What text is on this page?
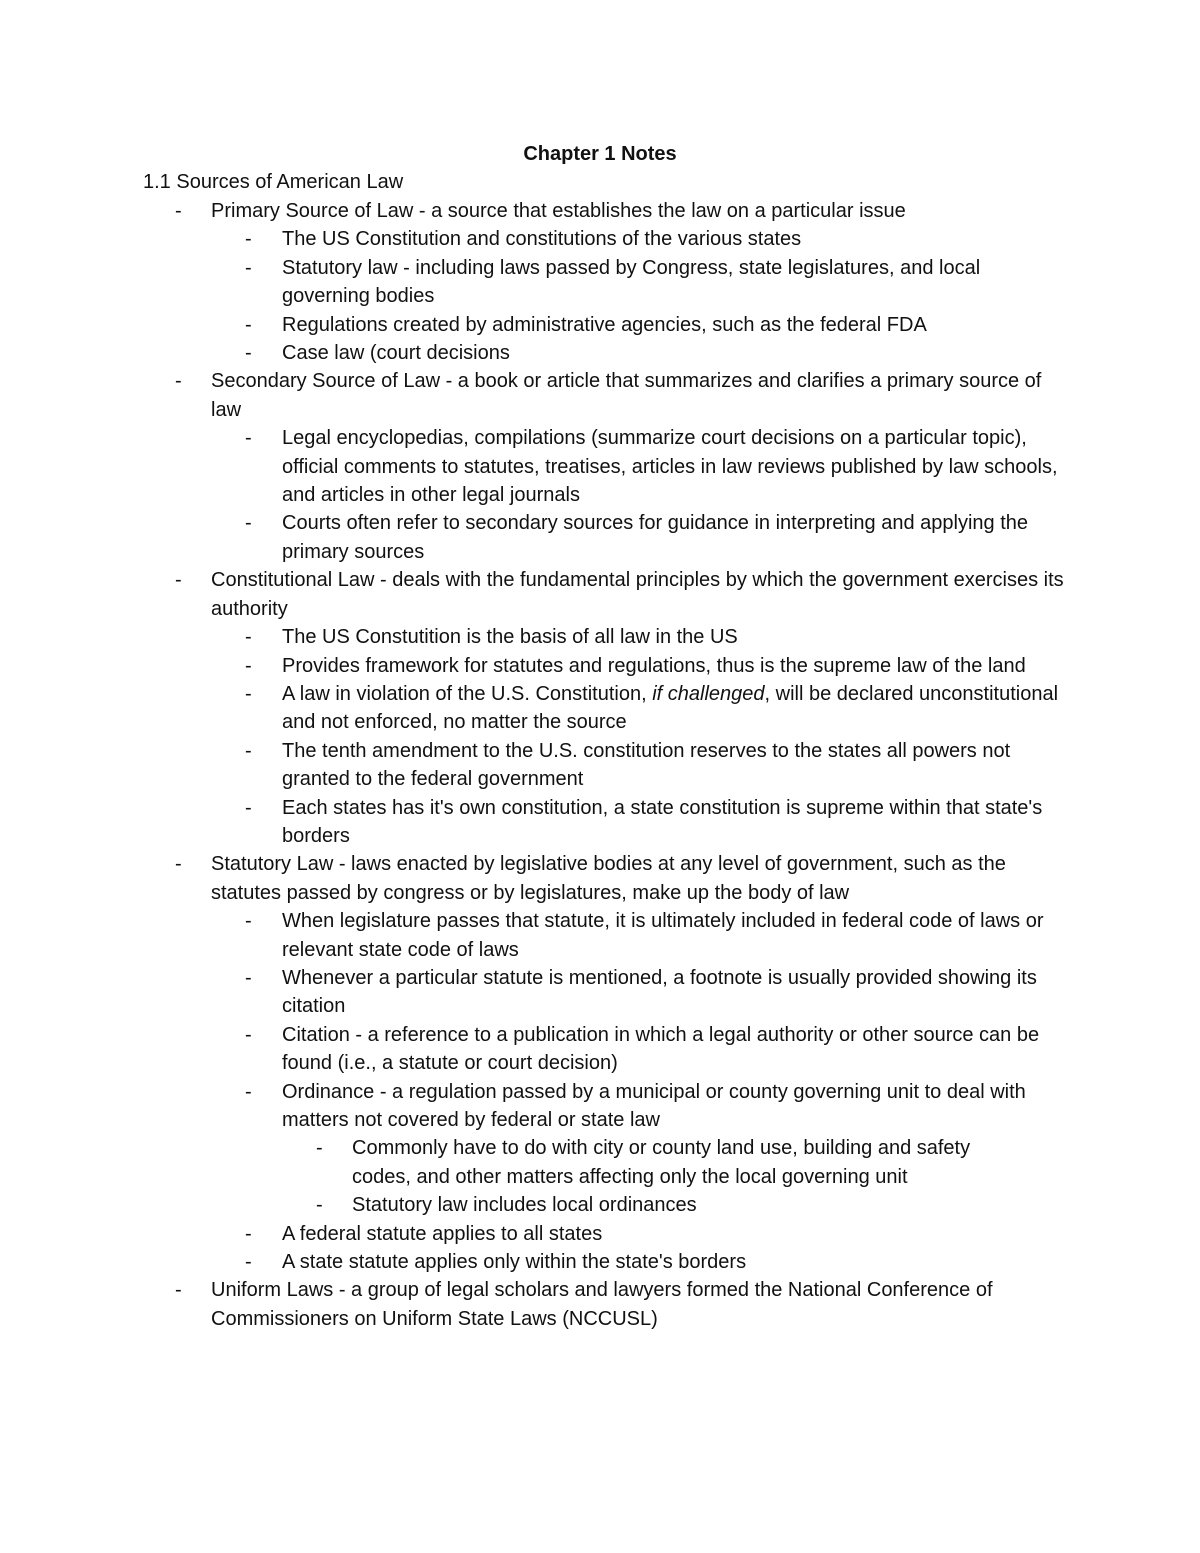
Chapter 1 Notes
1.1 Sources of American Law
- Primary Source of Law - a source that establishes the law on a particular issue
- The US Constitution and constitutions of the various states
- Statutory law - including laws passed by Congress, state legislatures, and local governing bodies
- Regulations created by administrative agencies, such as the federal FDA
- Case law (court decisions
- Secondary Source of Law - a book or article that summarizes and clarifies a primary source of law
- Legal encyclopedias, compilations (summarize court decisions on a particular topic), official comments to statutes, treatises, articles in law reviews published by law schools, and articles in other legal journals
- Courts often refer to secondary sources for guidance in interpreting and applying the primary sources
- Constitutional Law - deals with the fundamental principles by which the government exercises its authority
- The US Constutition is the basis of all law in the US
- Provides framework for statutes and regulations, thus is the supreme law of the land
- A law in violation of the U.S. Constitution, if challenged, will be declared unconstitutional and not enforced, no matter the source
- The tenth amendment to the U.S. constitution reserves to the states all powers not granted to the federal government
- Each states has it's own constitution, a state constitution is supreme within that state's borders
- Statutory Law - laws enacted by legislative bodies at any level of government, such as the statutes passed by congress or by legislatures, make up the body of law
- When legislature passes that statute, it is ultimately included in federal code of laws or relevant state code of laws
- Whenever a particular statute is mentioned, a footnote is usually provided showing its citation
- Citation - a reference to a publication in which a legal authority or other source can be found (i.e., a statute or court decision)
- Ordinance - a regulation passed by a municipal or county governing unit to deal with matters not covered by federal or state law
- Commonly have to do with city or county land use, building and safety codes, and other matters affecting only the local governing unit
- Statutory law includes local ordinances
- A federal statute applies to all states
- A state statute applies only within the state's borders
- Uniform Laws - a group of legal scholars and lawyers formed the National Conference of Commissioners on Uniform State Laws (NCCUSL)
